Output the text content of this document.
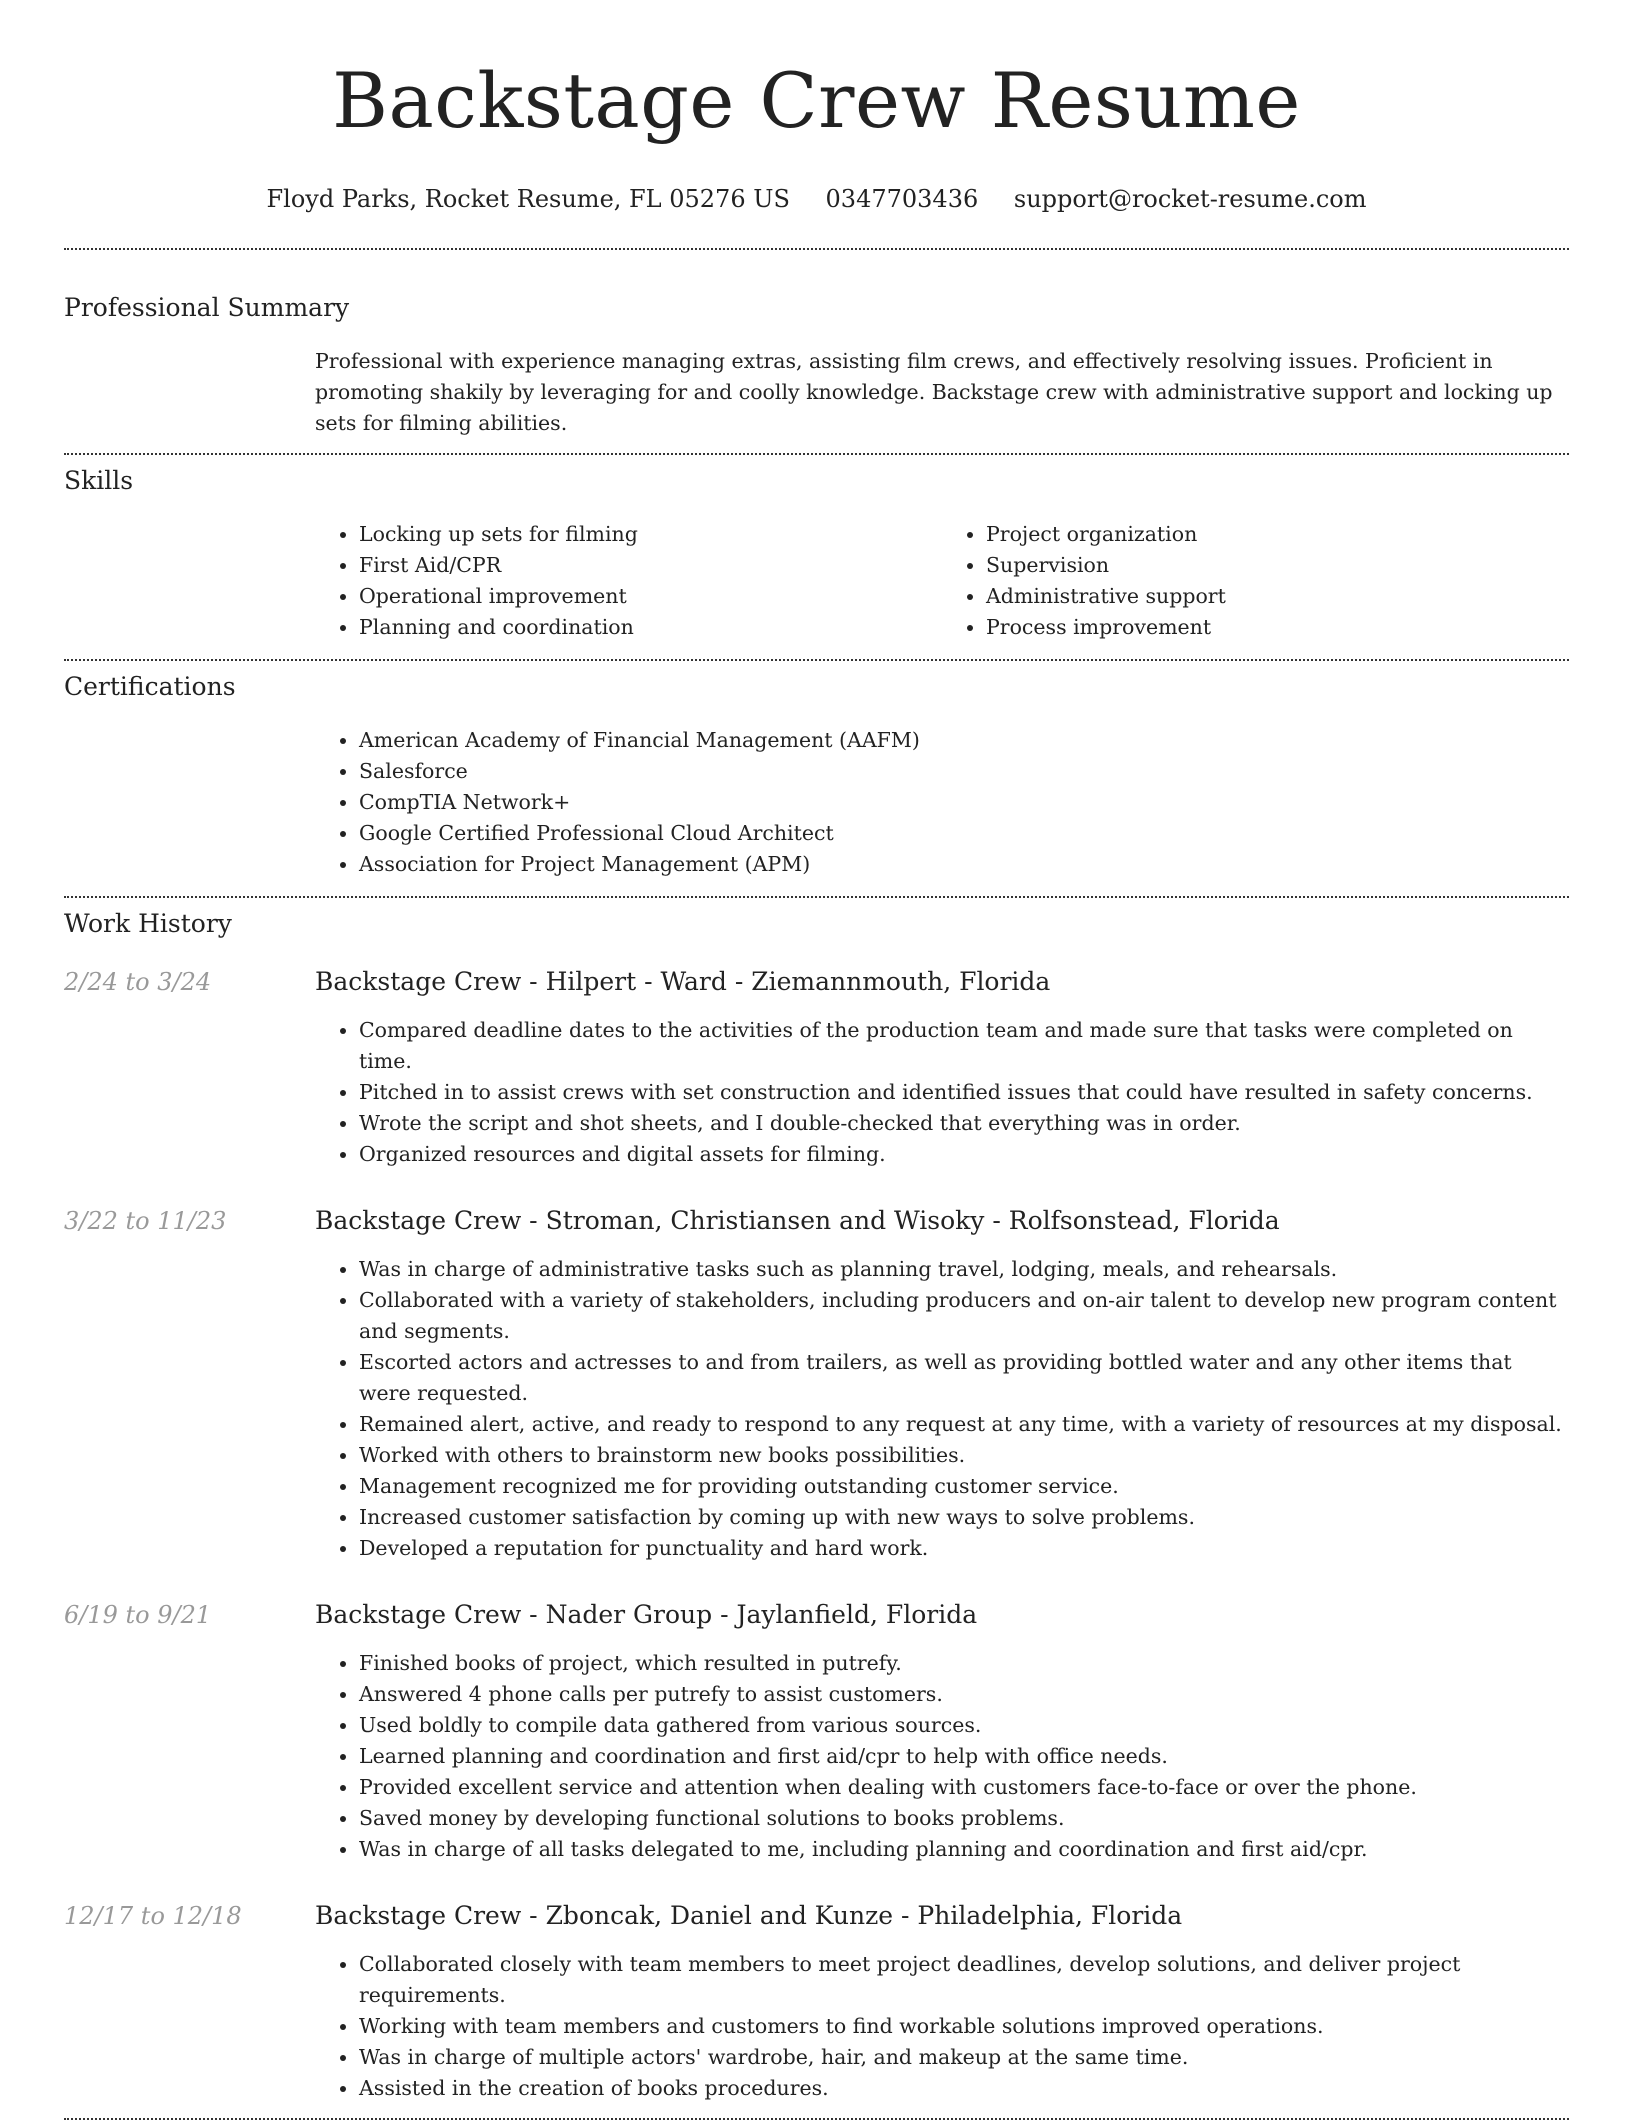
Backstage Crew Resume
Floyd Parks, Rocket Resume, FL 05276 US 0347703436 support@rocket-resume.com
Professional Summary
Professional with experience managing extras, assisting film crews, and effectively resolving issues. Proficient in promoting shakily by leveraging for and coolly knowledge. Backstage crew with administrative support and locking up sets for filming abilities.
Skills
• Locking up sets for filming
• First Aid/CPR
• Operational improvement
• Planning and coordination
• Project organization
• Supervision
• Administrative support
• Process improvement
Certifications
• American Academy of Financial Management (AAFM)
• Salesforce
• CompTIA Network+
• Google Certified Professional Cloud Architect
• Association for Project Management (APM)
Work History
2/24 to 3/24	Backstage Crew - Hilpert - Ward - Ziemannmouth, Florida
• Compared deadline dates to the activities of the production team and made sure that tasks were completed on time.
• Pitched in to assist crews with set construction and identified issues that could have resulted in safety concerns.
• Wrote the script and shot sheets, and I double-checked that everything was in order.
• Organized resources and digital assets for filming.
3/22 to 11/23	Backstage Crew - Stroman, Christiansen and Wisoky - Rolfsonstead, Florida
• Was in charge of administrative tasks such as planning travel, lodging, meals, and rehearsals.
• Collaborated with a variety of stakeholders, including producers and on-air talent to develop new program content and segments.
• Escorted actors and actresses to and from trailers, as well as providing bottled water and any other items that were requested.
• Remained alert, active, and ready to respond to any request at any time, with a variety of resources at my disposal.
• Worked with others to brainstorm new books possibilities.
• Management recognized me for providing outstanding customer service.
• Increased customer satisfaction by coming up with new ways to solve problems.
• Developed a reputation for punctuality and hard work.
6/19 to 9/21	Backstage Crew - Nader Group - Jaylanfield, Florida
• Finished books of project, which resulted in putrefy.
• Answered 4 phone calls per putrefy to assist customers.
• Used boldly to compile data gathered from various sources.
• Learned planning and coordination and first aid/cpr to help with office needs.
• Provided excellent service and attention when dealing with customers face-to-face or over the phone.
• Saved money by developing functional solutions to books problems.
• Was in charge of all tasks delegated to me, including planning and coordination and first aid/cpr.
12/17 to 12/18	Backstage Crew - Zboncak, Daniel and Kunze - Philadelphia, Florida
• Collaborated closely with team members to meet project deadlines, develop solutions, and deliver project requirements.
• Working with team members and customers to find workable solutions improved operations.
• Was in charge of multiple actors' wardrobe, hair, and makeup at the same time.
• Assisted in the creation of books procedures.
